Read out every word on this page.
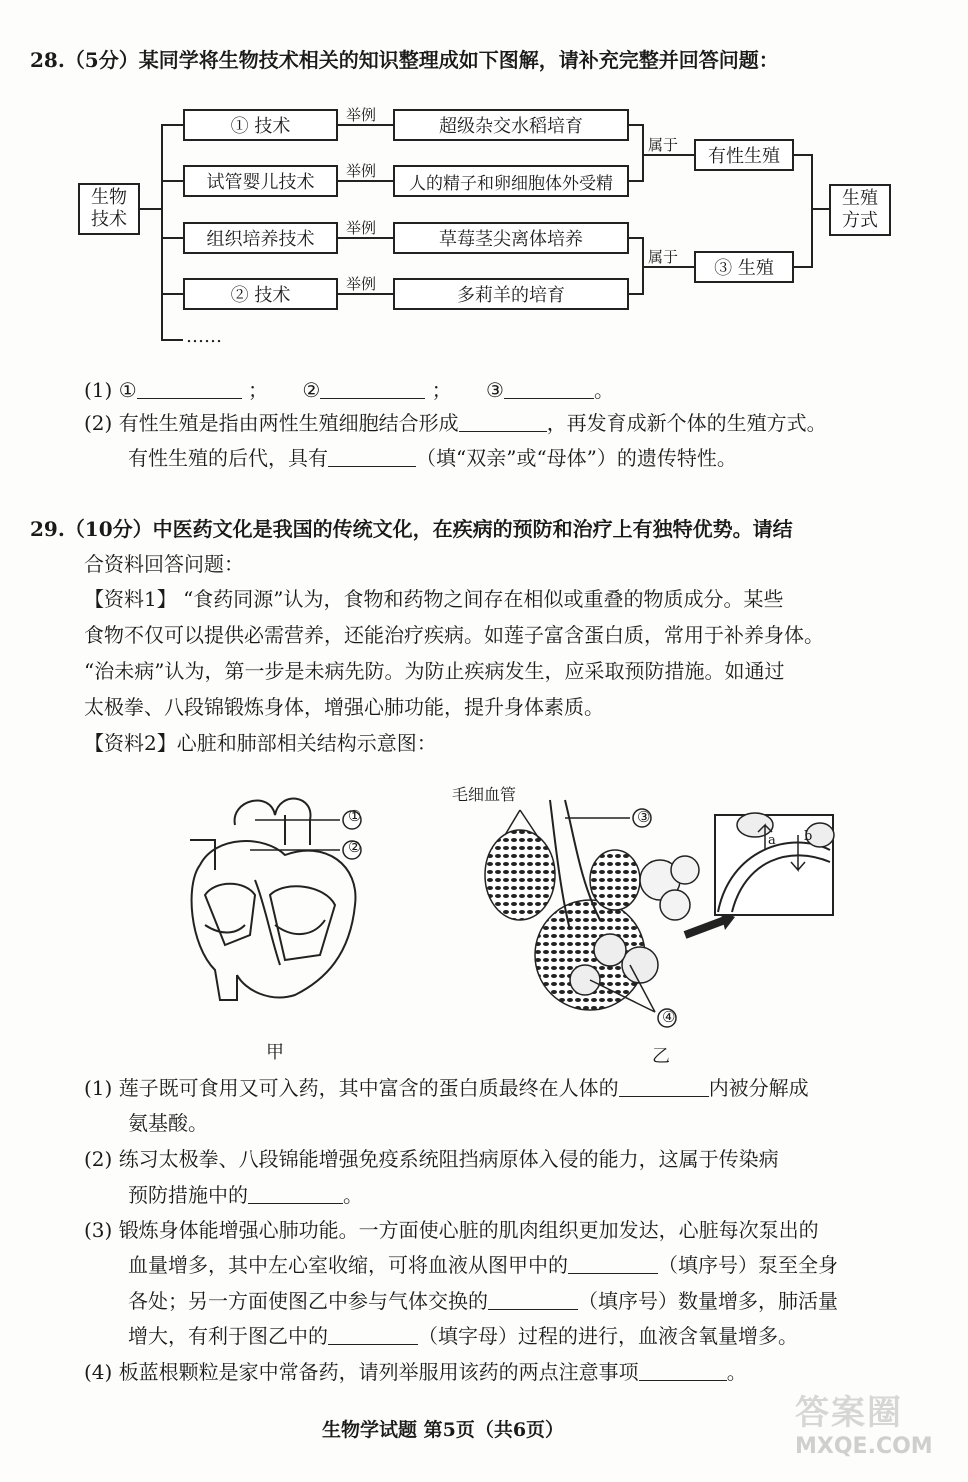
28.（5分）某同学将生物技术相关的知识整理成如下图解，请补充完整并回答问题：
生物
技术
……
① 技术
试管婴儿技术
组织培养技术
② 技术
举例
举例
举例
举例
超级杂交水稻培育
人的精子和卵细胞体外受精
草莓茎尖离体培养
多莉羊的培育
属于
属于
有性生殖
③ 生殖
生殖
方式
(1) ①	； ②	； ③	。
(2) 有性生殖是指由两性生殖细胞结合形成	，再发育成新个体的生殖方式。
有性生殖的后代，具有	（填“双亲”或“母体”）的遗传特性。
29.（10分）中医药文化是我国的传统文化，在疾病的预防和治疗上有独特优势。请结
合资料回答问题：
【资料1】 “食药同源”认为，食物和药物之间存在相似或重叠的物质成分。某些
食物不仅可以提供必需营养，还能治疗疾病。如莲子富含蛋白质，常用于补养身体。
“治未病”认为，第一步是未病先防。为防止疾病发生，应采取预防措施。如通过
太极拳、八段锦锻炼身体，增强心肺功能，提升身体素质。
【资料2】心脏和肺部相关结构示意图：
①
②
甲
毛细血管
③
④
a b
乙
(1) 莲子既可食用又可入药，其中富含的蛋白质最终在人体的	内被分解成
氨基酸。
(2) 练习太极拳、八段锦能增强免疫系统阻挡病原体入侵的能力，这属于传染病
预防措施中的	。
(3) 锻炼身体能增强心肺功能。一方面使心脏的肌肉组织更加发达，心脏每次泵出的
血量增多，其中左心室收缩，可将血液从图甲中的	（填序号）泵至全身
各处；另一方面使图乙中参与气体交换的	（填序号）数量增多，肺活量
增大，有利于图乙中的	（填字母）过程的进行，血液含氧量增多。
(4) 板蓝根颗粒是家中常备药，请列举服用该药的两点注意事项	。
生物学试题 第5页（共6页）	答案圈
MXQE.COM
